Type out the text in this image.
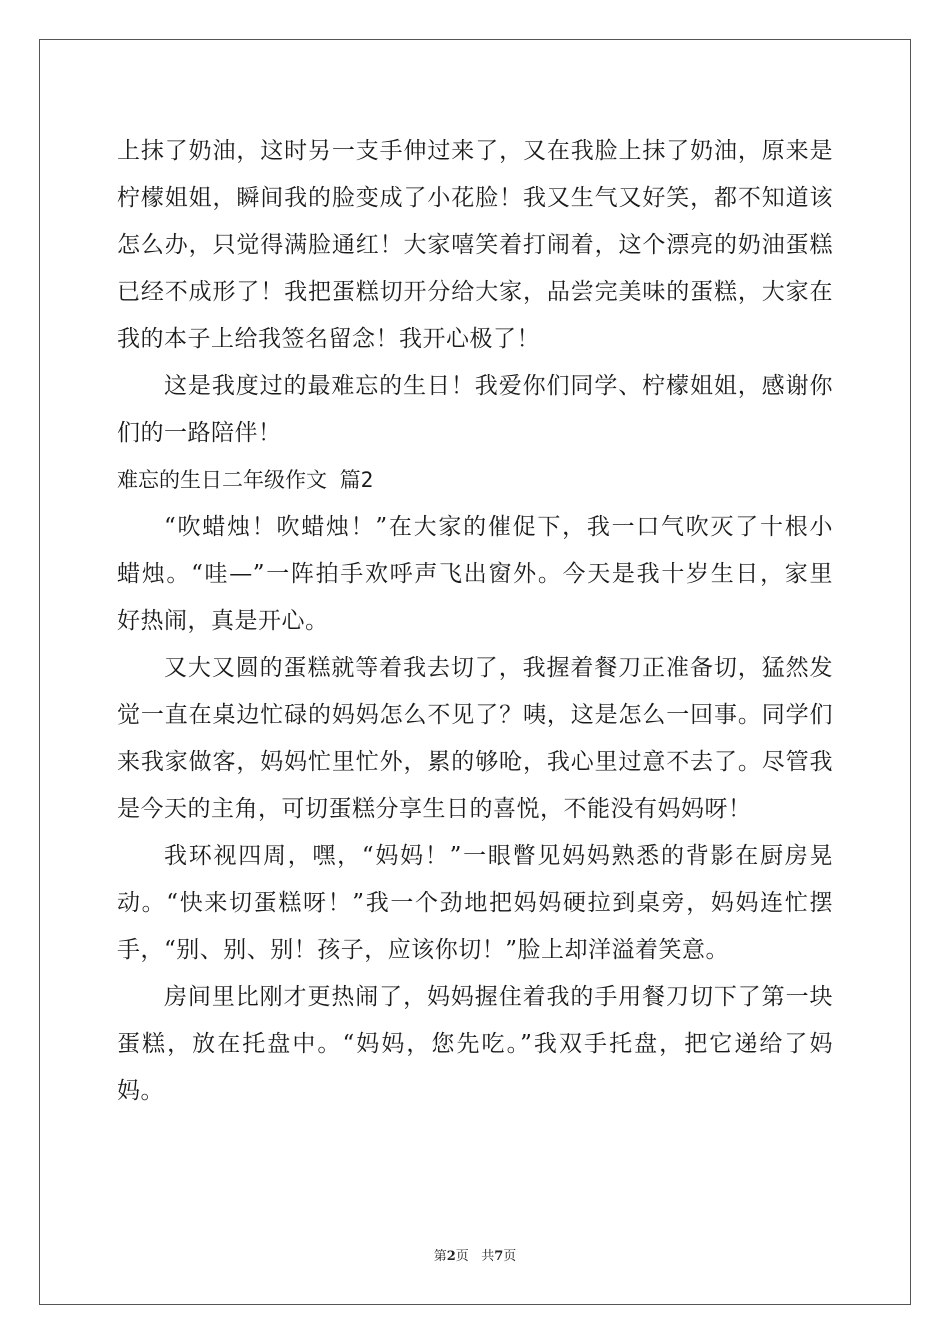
上抹了奶油，这时另一支手伸过来了，又在我脸上抹了奶油，原来是
柠檬姐姐，瞬间我的脸变成了小花脸！我又生气又好笑，都不知道该
怎么办，只觉得满脸通红！大家嘻笑着打闹着，这个漂亮的奶油蛋糕
已经不成形了！我把蛋糕切开分给大家，品尝完美味的蛋糕，大家在
我的本子上给我签名留念！我开心极了！
这是我度过的最难忘的生日！我爱你们同学、柠檬姐姐，感谢你
们的一路陪伴！
难忘的生日二年级作文 篇2
“吹蜡烛！吹蜡烛！”在大家的催促下，我一口气吹灭了十根小
蜡烛。“哇—”一阵拍手欢呼声飞出窗外。今天是我十岁生日，家里
好热闹，真是开心。
又大又圆的蛋糕就等着我去切了，我握着餐刀正准备切，猛然发
觉一直在桌边忙碌的妈妈怎么不见了？咦，这是怎么一回事。同学们
来我家做客，妈妈忙里忙外，累的够呛，我心里过意不去了。尽管我
是今天的主角，可切蛋糕分享生日的喜悦，不能没有妈妈呀！
我环视四周，嘿，“妈妈！”一眼瞥见妈妈熟悉的背影在厨房晃
动。“快来切蛋糕呀！”我一个劲地把妈妈硬拉到桌旁，妈妈连忙摆
手，“别、别、别！孩子，应该你切！”脸上却洋溢着笑意。
房间里比刚才更热闹了，妈妈握住着我的手用餐刀切下了第一块
蛋糕，放在托盘中。“妈妈，您先吃。”我双手托盘，把它递给了妈
妈。
第2页 共7页
